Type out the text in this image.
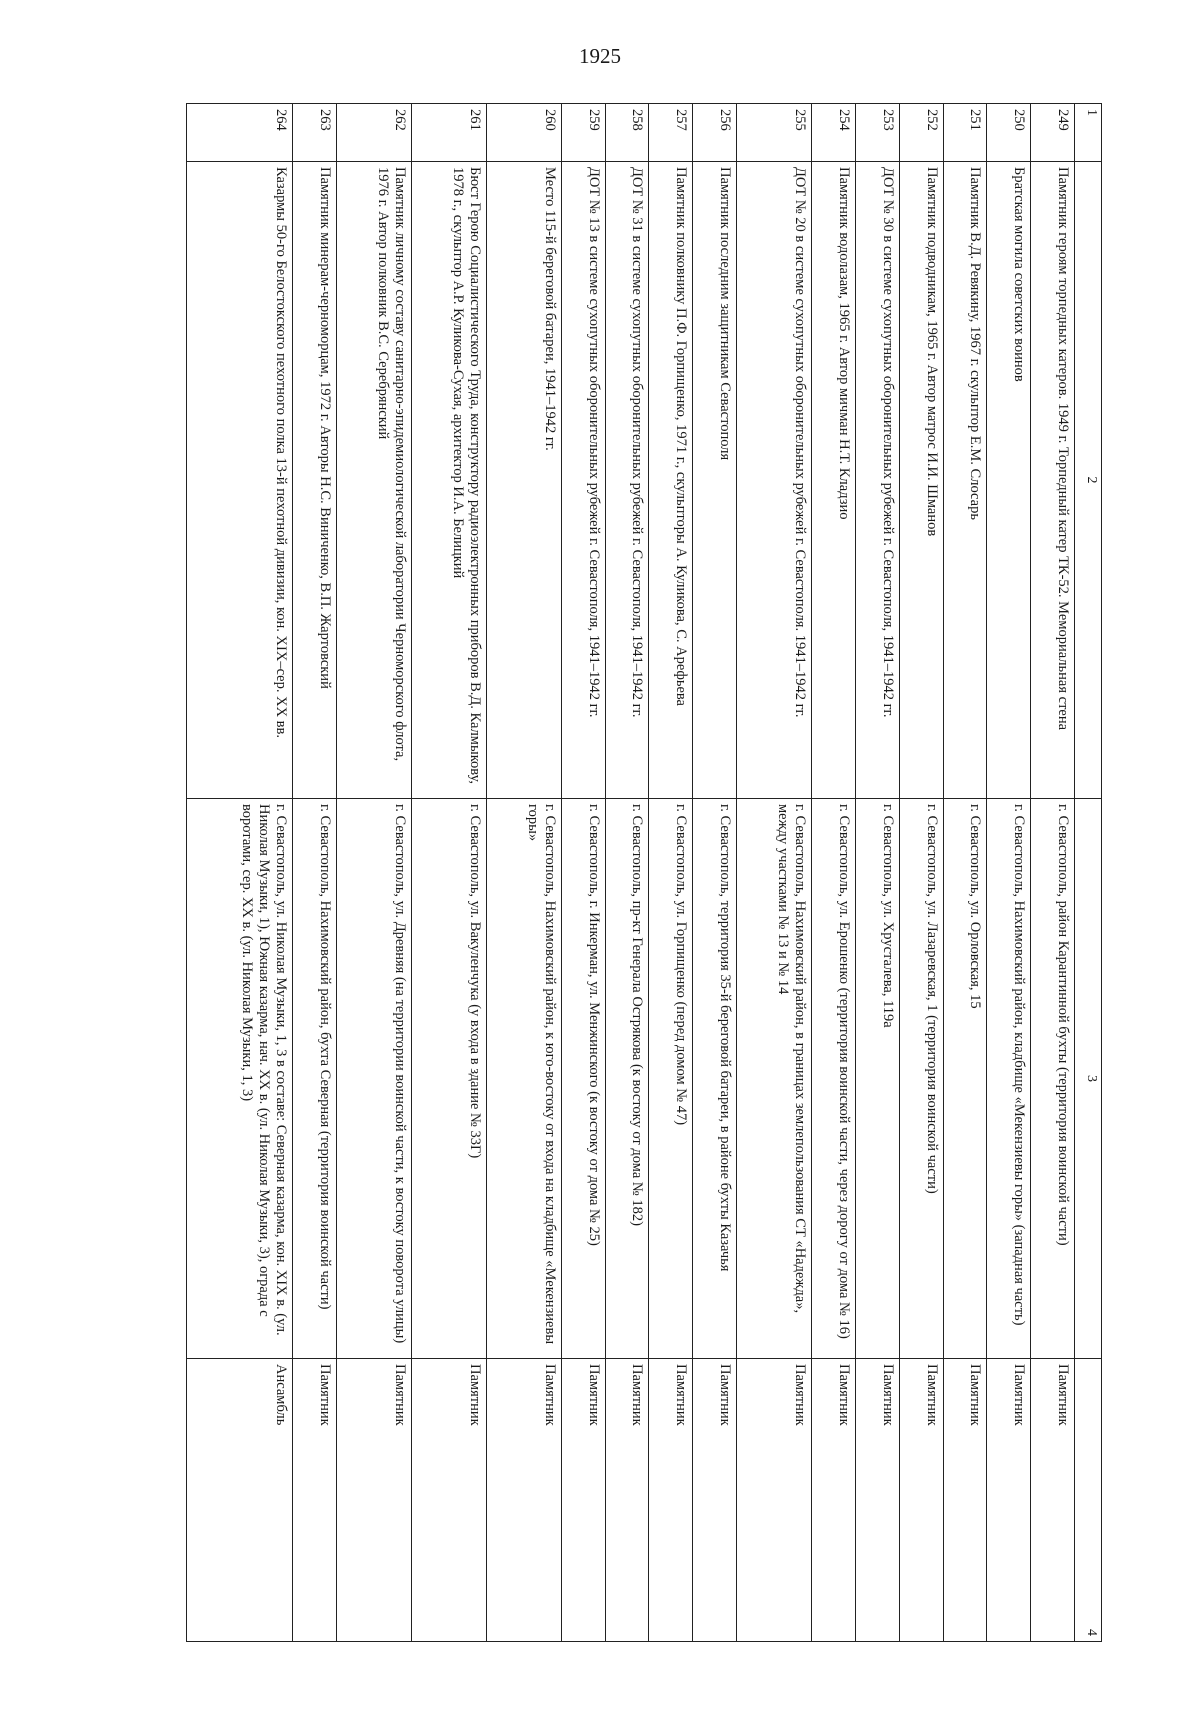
1925
1	2	3	4
249	Памятник героям торпедных катеров. 1949 г. Торпедный катер ТК-52. Мемориальная стена	г. Севастополь, район Карантинной бухты (территория воинской части)	Памятник
250	Братская могила советских воинов	г. Севастополь, Нахимовский район, кладбище «Мекензиевы горы» (западная часть)	Памятник
251	Памятник В.Д. Ревякину, 1967 г. скульптор Е.М. Слосарь	г. Севастополь, ул. Орловская, 15	Памятник
252	Памятник подводникам, 1965 г. Автор матрос И.И. Шманов	г. Севастополь, ул. Лазаревская, 1 (территория воинской части)	Памятник
253	ДОТ № 30 в системе сухопутных оборонительных рубежей г. Севастополя, 1941–1942 гг.	г. Севастополь, ул. Хрусталева, 119а	Памятник
254	Памятник водолазам, 1965 г. Автор мичман Н.Т. Кладзио	г. Севастополь, ул. Ерошенко (территория воинской части, через дорогу от дома № 16)	Памятник
255	ДОТ № 20 в системе сухопутных оборонительных рубежей г. Севастополя. 1941–1942 гг.	г. Севастополь, Нахимовский район, в границах землепользования СТ «Надежда», между участками № 13 и № 14	Памятник
256	Памятник последним защитникам Севастополя	г. Севастополь, территория 35-й береговой батареи, в районе бухты Казачья	Памятник
257	Памятник полковнику П.Ф. Горпищенко, 1971 г., скульпторы А. Куликова, С. Арефьева	г. Севастополь, ул. Горпищенко (перед домом № 47)	Памятник
258	ДОТ № 31 в системе сухопутных оборонительных рубежей г. Севастополя, 1941–1942 гг.	г. Севастополь, пр-кт Генерала Острякова (к востоку от дома № 182)	Памятник
259	ДОТ № 13 в системе сухопутных оборонительных рубежей г. Севастополя, 1941–1942 гг.	г. Севастополь, г. Инкерман, ул. Менжинского (к востоку от дома № 25)	Памятник
260	Место 115-й береговой батареи, 1941–1942 гг.	г. Севастополь, Нахимовский район, к юго-востоку от входа на кладбище «Мекензиевы горы»	Памятник
261	Бюст Герою Социалистического Труда, конструктору радиоэлектронных приборов В.Д. Калмыкову, 1978 г., скульптор А.Р. Куликова-Сухая, архитектор И.А. Белицкий	г. Севастополь, ул. Вакуленчука (у входа в здание № 33Г)	Памятник
262	Памятник личному составу санитарно-эпидемиологической лаборатории Черноморского флота, 1976 г. Автор полковник В.С. Серебрянский	г. Севастополь, ул. Древняя (на территории воинской части, к востоку поворота улицы)	Памятник
263	Памятник минерам-черноморцам, 1972 г. Авторы Н.С. Виниченко, В.П. Жартовский	г. Севастополь, Нахимовский район, бухта Северная (территория воинской части)	Памятник
264	Казармы 50-го Белостокского пехотного полка 13-й пехотной дивизии, кон. XIX–сер. XX вв.	г. Севастополь, ул. Николая Музыки, 1, 3 в составе: Северная казарма, кон. XIX в. (ул. Николая Музыки, 1), Южная казарма, нач. XX в. (ул. Николая Музыки, 3), ограда с воротами, сер. XX в. (ул. Николая Музыки, 1, 3)	Ансамбль
